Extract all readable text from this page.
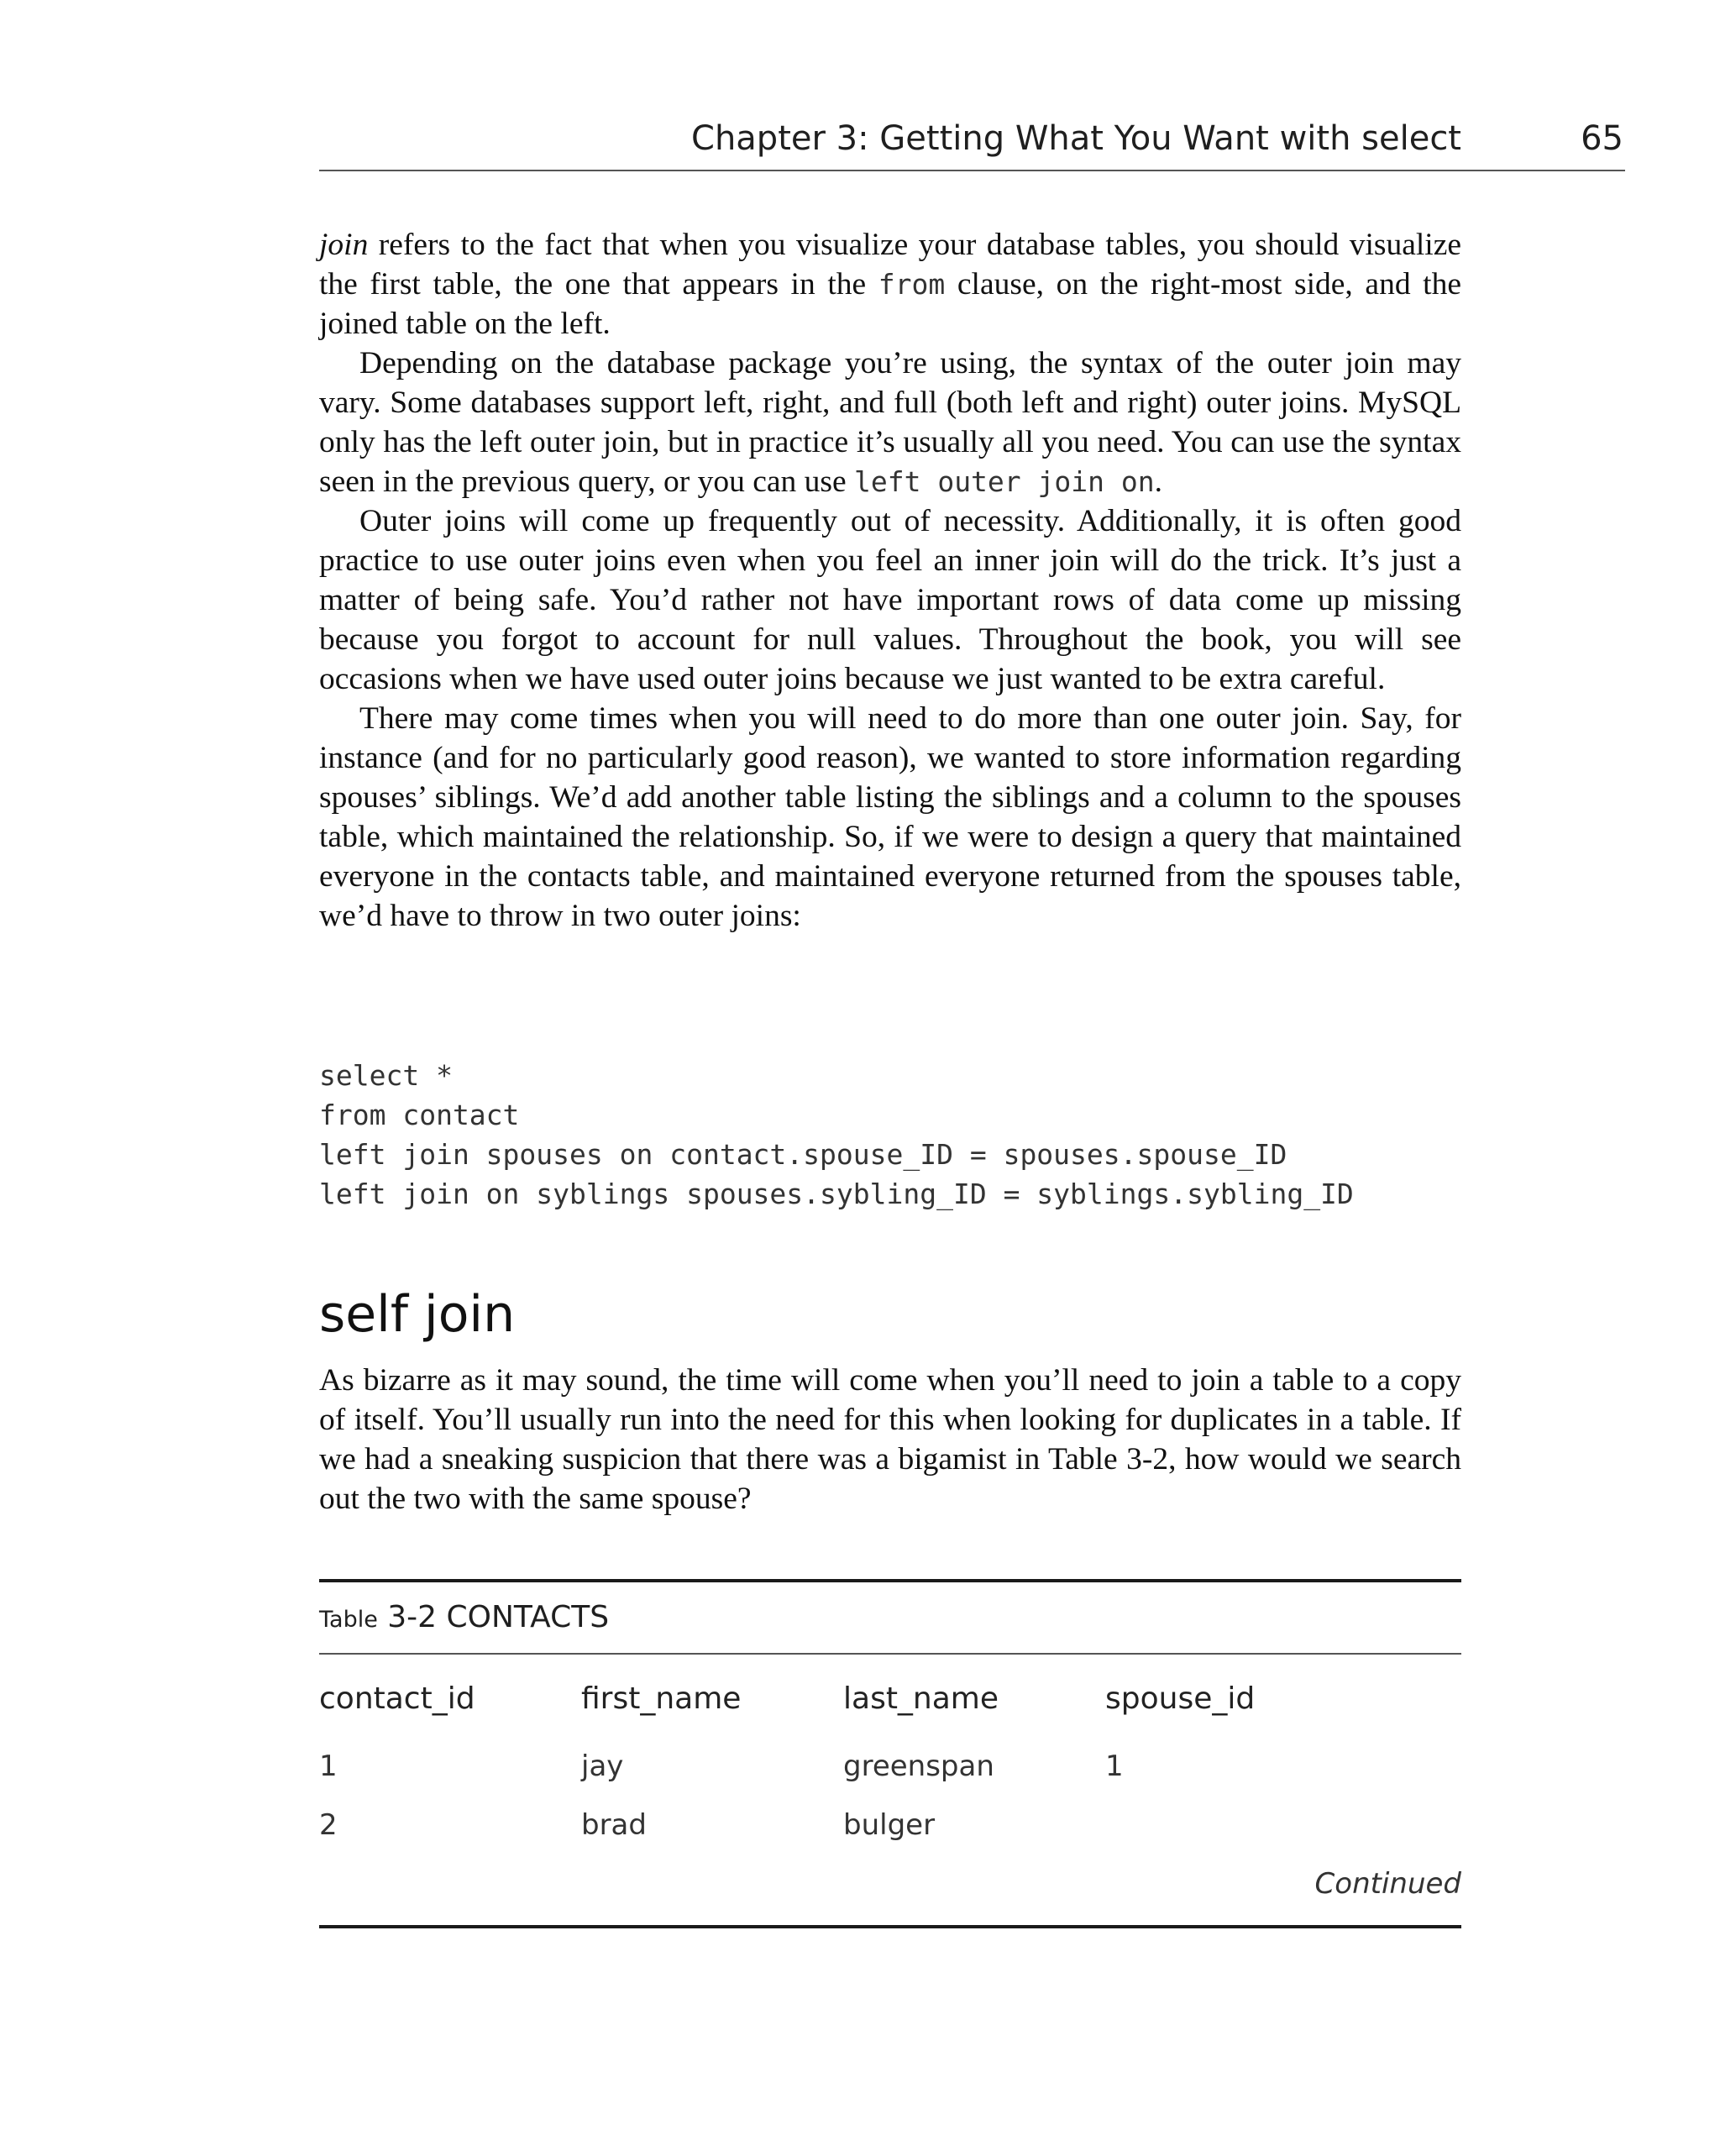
Chapter 3: Getting What You Want with select	65

join refers to the fact that when you visualize your database tables, you should visualize the first table, the one that appears in the from clause, on the right-most side, and the joined table on the left.

Depending on the database package you’re using, the syntax of the outer join may vary. Some databases support left, right, and full (both left and right) outer joins. MySQL only has the left outer join, but in practice it’s usually all you need. You can use the syntax seen in the previous query, or you can use left outer join on.

Outer joins will come up frequently out of necessity. Additionally, it is often good practice to use outer joins even when you feel an inner join will do the trick. It’s just a matter of being safe. You’d rather not have important rows of data come up missing because you forgot to account for null values. Throughout the book, you will see occasions when we have used outer joins because we just wanted to be extra careful.

There may come times when you will need to do more than one outer join. Say, for instance (and for no particularly good reason), we wanted to store information regarding spouses’ siblings. We’d add another table listing the siblings and a column to the spouses table, which maintained the relationship. So, if we were to design a query that maintained everyone in the contacts table, and maintained everyone returned from the spouses table, we’d have to throw in two outer joins:

select *
from contact
left join spouses on contact.spouse_ID = spouses.spouse_ID
left join on syblings spouses.sybling_ID = syblings.sybling_ID
self join

As bizarre as it may sound, the time will come when you’ll need to join a table to a copy of itself. You’ll usually run into the need for this when looking for duplicates in a table. If we had a sneaking suspicion that there was a bigamist in Table 3-2, how would we search out the two with the same spouse?

Table 3-2 CONTACTS
contact_id	first_name	last_name	spouse_id
1	jay	greenspan	1
2	brad	bulger
Continued
